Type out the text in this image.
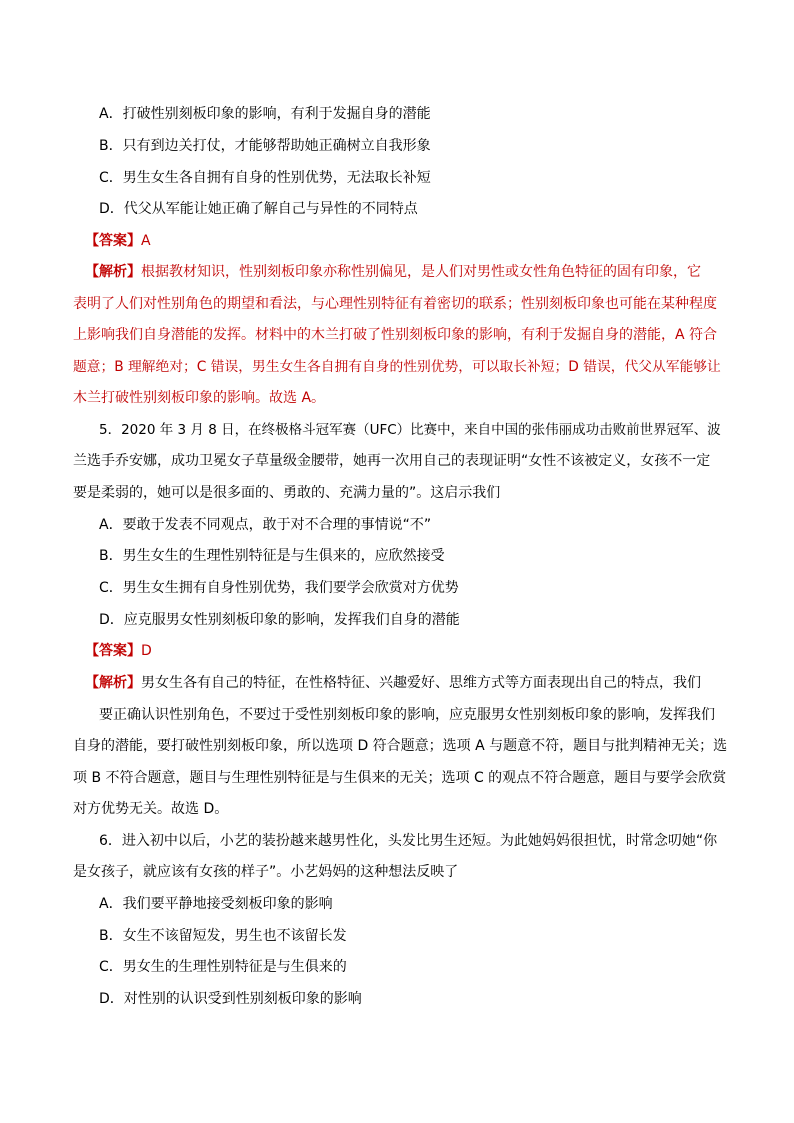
A．打破性别刻板印象的影响，有利于发掘自身的潜能
B．只有到边关打仗，才能够帮助她正确树立自我形象
C．男生女生各自拥有自身的性别优势，无法取长补短
D．代父从军能让她正确了解自己与异性的不同特点
【答案】A
【解析】根据教材知识，性别刻板印象亦称性别偏见，是人们对男性或女性角色特征的固有印象，它
表明了人们对性别角色的期望和看法，与心理性别特征有着密切的联系；性别刻板印象也可能在某种程度
上影响我们自身潜能的发挥。材料中的木兰打破了性别刻板印象的影响，有利于发掘自身的潜能，A 符合
题意；B 理解绝对；C 错误，男生女生各自拥有自身的性别优势，可以取长补短；D 错误，代父从军能够让
木兰打破性别刻板印象的影响。故选 A。
5．2020 年 3 月 8 日，在终极格斗冠军赛（UFC）比赛中，来自中国的张伟丽成功击败前世界冠军、波
兰选手乔安娜，成功卫冕女子草量级金腰带，她再一次用自己的表现证明“女性不该被定义，女孩不一定
要是柔弱的，她可以是很多面的、勇敢的、充满力量的”。这启示我们
A．要敢于发表不同观点，敢于对不合理的事情说“不”
B．男生女生的生理性别特征是与生俱来的，应欣然接受
C．男生女生拥有自身性别优势，我们要学会欣赏对方优势
D．应克服男女性别刻板印象的影响，发挥我们自身的潜能
【答案】D
【解析】男女生各有自己的特征，在性格特征、兴趣爱好、思维方式等方面表现出自己的特点，我们
要正确认识性别角色，不要过于受性别刻板印象的影响，应克服男女性别刻板印象的影响，发挥我们
自身的潜能，要打破性别刻板印象，所以选项 D 符合题意；选项 A 与题意不符，题目与批判精神无关；选
项 B 不符合题意，题目与生理性别特征是与生俱来的无关；选项 C 的观点不符合题意，题目与要学会欣赏
对方优势无关。故选 D。
6．进入初中以后，小艺的装扮越来越男性化，头发比男生还短。为此她妈妈很担忧，时常念叨她“你
是女孩子，就应该有女孩的样子”。小艺妈妈的这种想法反映了
A．我们要平静地接受刻板印象的影响
B．女生不该留短发，男生也不该留长发
C．男女生的生理性别特征是与生俱来的
D．对性别的认识受到性别刻板印象的影响
